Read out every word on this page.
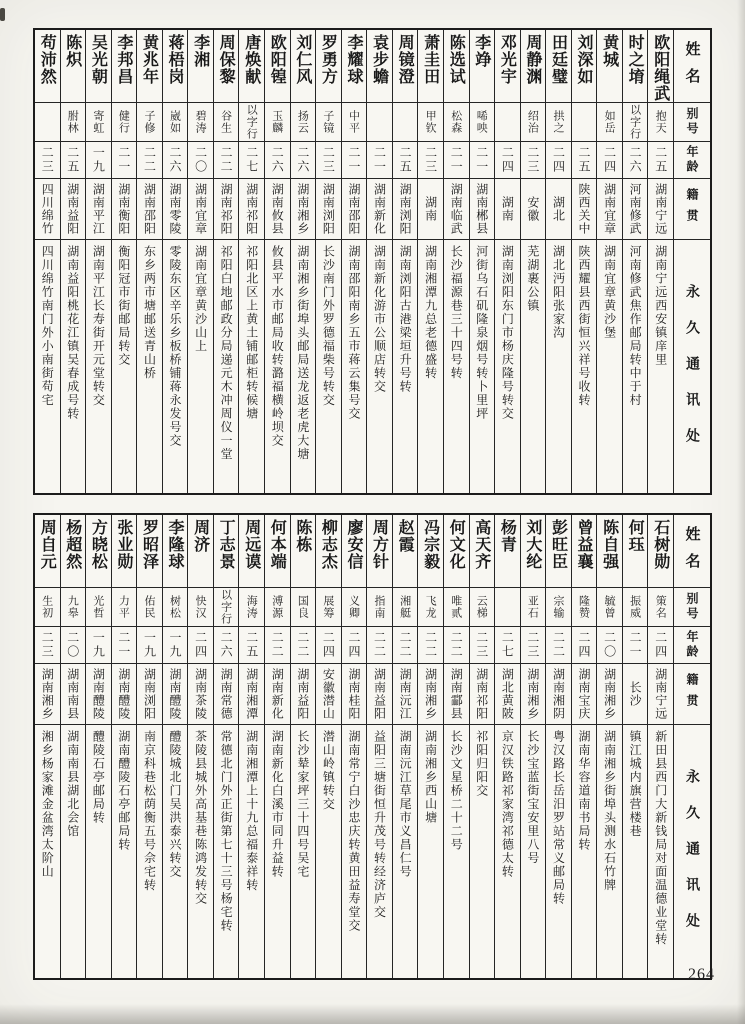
姓名
别号
年龄
籍贯
永久通讯处
欧阳绳武
抱天
二五
湖南宁远
湖南宁远西安镇庠里
时之堉
以字行
二六
河南修武
河南修武焦作邮局转中于村
黄城
如岳
二四
湖南宜章
湖南宜章黄沙堡
刘深如
二五
陕西关中
陕西耀县西街恒兴祥号收转
田廷璧
拱之
二四
湖北
湖北沔阳张家沟
周静渊
绍治
二三
安徽
芜湖裹公镇
邓光宇
二四
湖南
湖南浏阳东门市杨庆隆号转交
李竫
唏咉
二一
湖南郴县
河街乌石矶隆泉烟号转卜里坪
陈选试
松森
二一
湖南临武
长沙福源巷三十四号转
萧圭田
甲钦
二三
湖南
湖南湘潭九总老德盛转
周镜澄
二五
湖南浏阳
湖南浏阳古港梁垣升号转
袁步蟾
二一
湖南新化
湖南新化游市公顺店转交
李耀球
中平
二一
湖南邵阳
湖南邵阳南乡五市蒋云集号交
罗勇方
子镜
二三
湖南浏阳
长沙南门外罗德福柴号转交
刘仁风
扬云
二六
湖南湘乡
湖南湘乡街埠头邮局送龙返老虎大塘
欧阳锽
玉麟
二六
湖南攸县
攸县平水市邮局收转潞福横岭坝交
唐焕献
以字行
二七
湖南祁阳
祁阳北区上黄土铺邮柜转候塘
周保黎
谷生
二二
湖南祁阳
祁阳白地邮政分局递元木冲周仪一堂
李湘
碧涛
二〇
湖南宜章
湖南宜章黄沙山上
蒋梧岗
崴如
二六
湖南零陵
零陵东区辛乐乡板桥铺蒋永发号交
黄兆年
子修
二二
湖南邵阳
东乡两市塘邮送青山桥
李邦昌
健行
二一
湖南衡阳
衡阳冠市街邮局转交
吴光朝
寄虹
一九
湖南平江
湖南平江长寿街开元堂转交
陈炽
胕林
二五
湖南益阳
湖南益阳桃花江镇吴春成号转
苟沛然
二三
四川绵竹
四川绵竹南门外小南街苟宅
姓名
别号
年龄
籍贯
永久通讯处
石树勋
策名
二四
湖南宁远
新田县西门大新钱局对面温德业堂转
何珏
振威
二一
长沙
镇江城内旗营楼巷
陈自强
毓曾
二〇
湖南湘乡
湖南湘乡街埠头测水石竹牌
曾益襄
隆赞
二四
湖南宝庆
湖南华容道南书局转
彭旺臣
宗输
二二
湖南湘阴
粤汉路长岳汨罗站常义邮局转
刘大纶
亚石
二三
湖南湘乡
长沙宝蓝街宝安里八号
杨青
二七
湖北黄陂
京汉铁路祁家湾祁德太转
高天齐
云梯
二三
湖南祁阳
祁阳归阳交
何文化
唯贰
二二
湖南酃县
长沙文星桥二十二号
冯宗毅
飞龙
二二
湖南湘乡
湖南湘乡西山塘
赵霞
湘艇
二二
湖南沅江
湖南沅江草尾市义昌仁号
周方针
指南
二二
湖南益阳
益阳三塘街恒升茂号转经济庐交
廖安信
义卿
二四
湖南桂阳
湖南常宁白沙忠庆转黄田益寿堂交
柳志杰
展筹
二四
安徽潜山
潜山岭镇转交
陈栋
国良
二二
湖南益阳
长沙辇家坪三十四号吴宅
何本端
溥源
二二
湖南新化
湖南新化白溪市同升益转
周远谟
海涛
二五
湖南湘潭
湖南湘潭上十九总福泰祥转
丁志景
以字行
二六
湖南常德
常德北门外正街第七十三号杨宅转
周济
快汉
二四
湖南茶陵
茶陵县城外高基巷陈鸿发转交
李隆球
树松
一九
湖南醴陵
醴陵城北门吴洪泰兴转交
罗昭泽
佑民
一九
湖南浏阳
南京科巷松荫衡五号佘宅转
张业勋
力平
二一
湖南醴陵
湖南醴陵石亭邮局转
方晓松
光哲
一九
湖南醴陵
醴陵石亭邮局转
杨超然
九皋
二〇
湖南南县
湖南南县湖北会馆
周自元
生初
二三
湖南湘乡
湘乡杨家滩金盆湾太阶山
264
